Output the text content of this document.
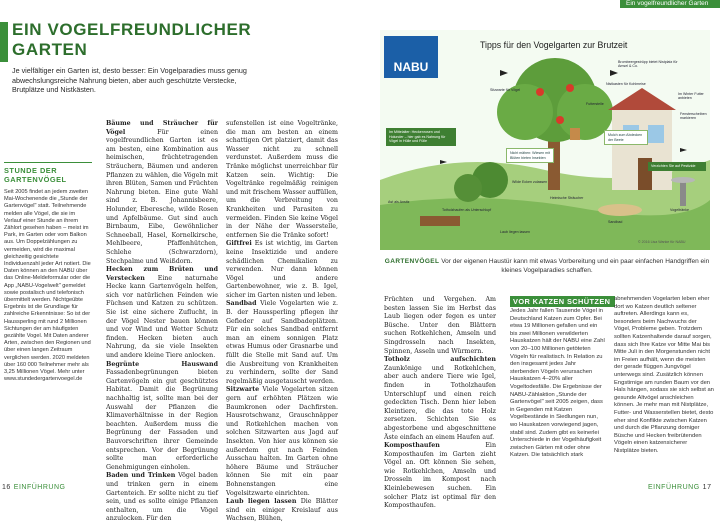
Ein vogelfreundlicher Garten
EIN VOGELFREUNDLICHER
GARTEN
Je vielfältiger ein Garten ist, desto besser: Ein Vogelparadies muss genug abwechslungsreiche Nahrung bieten, aber auch geschützte Verstecke, Brutplätze und Nistkästen.
STUNDE DER
GARTENVÖGEL
Seit 2005 findet an jedem zweiten Mai-Wochenende die „Stunde der Gartenvögel" statt. Teilnehmende melden alle Vögel, die sie im Verlauf einer Stunde an ihrem Zählort gesehen haben – meist im Park, im Garten oder vom Balkon aus. Um Doppelzählungen zu vermeiden, wird die maximal gleichzeitig gesichtete Individuenzahl jeder Art notiert. Die Daten können an den NABU über das Online-Meldeformular oder die App „NABU-Vogelwelt" gemeldet sowie postalisch und telefonisch übermittelt werden. Nichtgeübte Ergebnis ist die Grundlage für zahlreiche Erkenntnisse: So ist der Haussperling mit rund 2 Millionen Sichtungen der am häufigsten gezählte Vogel. Mit Daten anderer Arten, zwischen den Regionen und über einen langen Zeitraum verglichen werden. 2020 meldeten über 160 000 Teilnehmer mehr als 3,25 Millionen Vögel. Mehr unter www.stundedergartenvoegel.de

Bäume und Sträucher für Vögel Für einen vogelfreundlichen Garten ist es am besten, eine Kombination aus heimischen, früchtetragenden Sträuchern, Bäumen und anderen Pflanzen zu wählen, die Vögeln mit ihren Blüten, Samen und Früchten Nahrung bieten. Eine gute Wahl sind z. B. Johannisbeere, Holunder, Eberesche, wilde Rosen und Apfelbäume. Gut sind auch Birnbaum, Eibe, Gewöhnlicher Schneeball, Hasel, Kornelkirsche, Mehlbeere, Pfaffenhütchen, Schlehe (Schwarzdorn), Stechpalme und Weißdorn.

Hecken zum Brüten und Verstecken Eine naturnahe Hecke kann Gartenvögeln helfen, sich vor natürlichen Feinden wie Füchsen und Katzen zu schützen. Sie ist eine sichere Zuflucht, in der Vögel Nester bauen können und vor Wind und Wetter Schutz finden. Hecken bieten auch Nahrung, da sie viele Insekten und andere kleine Tiere anlocken.

Begrünte Hauswand Fassadenbegrünungen bieten Gartenvögeln ein gut geschütztes Habitat. Damit die Begrünung nachhaltig ist, sollte man bei der Auswahl der Pflanzen die Klimaverhältnisse in der Region beachten. Außerdem muss die Begrünung der Fassaden und Bauvorschriften ihrer Gemeinde entsprechen. Vor der Begrünung sollte man erforderliche Genehmigungen einholen.

Baden und Trinken Vögel baden und trinken gern in einem Gartenteich. Er sollte nicht zu tief sein, und es sollte einige Pflanzen enthalten, um die Vögel anzulocken. Für den

sufenstellen ist eine Vogeltränke, die man am besten an einem schattigen Ort platziert, damit das Wasser nicht zu schnell verdunstet. Außerdem muss die Tränke möglichst unerreichbar für Katzen sein. Wichtig: Die Vogeltränke regelmäßig reinigen und mit frischem Wasser auffüllen, um die Verbreitung von Krankheiten und Parasiten zu vermeiden. Finden Sie keine Vögel in der Nähe der Wasserstelle, entfernen Sie die Tränke sofort!

Giftfrei Es ist wichtig, im Garten keine Insektizide und andere schädlichen Chemikalien zu verwenden. Nur dann können Vögel und andere Gartenbewohner, wie z. B. Igel, sicher im Garten nisten und leben.

Sandbad Viele Vogelarten wie z. B. der Haussperling pflegen ihr Gefieder auf Sandbadeplätzen. Für ein solches Sandbad entfernt man an einem sonnigen Platz etwas Humus oder Grasnarbe und füllt die Stelle mit Sand auf. Um die Ausbreitung von Krankheiten zu verhindern, sollte der Sand regelmäßig ausgetauscht werden.

Sitzwarte Viele Vogelarten sitzen gern auf erhöhten Plätzen wie Baumkronen oder Dachfirsten. Hausrotschwanz, Grauschnäpper und Rotkehlchen machen von solchen Sitzwarten aus Jagd auf Insekten. Von hier aus können sie außerdem gut nach Feinden Ausschau halten. Im Garten ohne höhere Bäume und Sträucher können Sie mit ein paar Bohnenstangen eine Vogelsitzwarte einrichten.

Laub liegen lassen Die Blätter sind ein einiger Kreislauf aus Wachsen, Blühen,

NABU
Tipps für den Vogelgarten zur Brutzeit
Brombeergestrüpp bietet Nistplatz für Amsel & Co.
Nistkasten für Kohlmeise
Futterstelle
Fensterscheiben markieren
Im Winter Futter anbieten
Laub liegen lassen
Sitzwarte für Vögel
Ast als Ansitz
Sandbad
Totholzhaufen als Unterschlupf	Vogeltränke
Wilde Ecken zulassen
Heimische Sträucher
Im Mittelalter: Heckenrosen und Holunder – hier gab es Nahrung für Vögel in Hülle und Fülle
Nicht mähen: Wiesen mit Blüten bieten Insekten
Verzichten Sie auf Pestizide
Mulch zum Abdecken der Beete
© 2016 Lisa Wanke für NABU
GARTENVÖGEL Vor der eigenen Haustür kann mit etwas Vorbereitung und ein paar einfachen Handgriffen ein kleines Vogelparadies schaffen.

Früchten und Vergehen. Am besten lassen Sie im Herbst das Laub liegen oder fegen es unter Büsche. Unter den Blättern suchen Rotkehlchen, Amseln und Singdrosseln nach Insekten, Spinnen, Asseln und Würmern.

Totholz aufschichten Zaunkönige und Rotkehlchen, aber auch andere Tiere wie Igel, finden in Totholzhaufen Unterschlupf und einen reich gedeckten Tisch. Denn hier leben Kleintiere, die das tote Holz zersetzen. Schichten Sie es abgestorbene und abgeschnittene Äste einfach an einem Haufen auf.

Komposthaufen Ein Komposthaufen im Garten zieht Vögel an. Oft können Sie sehen, wie Rotkehlchen, Amseln und Drosseln im Kompost nach Kleinlebewesen suchen. Ein solcher Platz ist optimal für den Komposthaufen.

VOR KATZEN SCHÜTZEN
Jedes Jahr fallen Tausende Vögel in Deutschland Katzen zum Opfer. Bei etwa 19 Millionen gefallen und ein bis zwei Millionen verwilderten Hauskatzen hält der NABU eine Zahl von 20–100 Millionen getöteten Vögeln für realistisch. In Relation zu den insgesamt jedes Jahr sterbenden Vögeln verursachen Hauskatzen 4–20% aller Vogeltodesfälle. Die Ergebnisse der NABU-Zählaktion „Stunde der Gartenvögel" seit 2005 zeigen, dass in Gegenden mit Katzen Vogelbestände in Siedlungen nun, wo Hauskatzen vorwiegend jagen, stabil sind. Zudem gibt es keinerlei Unterschiede in der Vogelhäufigkeit zwischen Gärten mit oder ohne Katzen. Die tatsächlich stark
abnehmenden Vogelarten leben eher dort wo Katzen deutlich seltener auftreten. Allerdings kann es, besonders beim Nachwuchs der Vögel, Probleme geben. Trotzdem sollten Katzenhaltende darauf sorgen, dass sich Ihre Katze vor Mitte Mai bis Mitte Juli in den Morgenstunden nicht im Freien aufhält, wenn die meisten der gerade flüggen Jungvögel unterwegs sind. Zusätzlich können Engstirnige am runden Baum vor den Hals hängen, sodass sie sich selbst an gesunde Altvögel anschleichen können. Je mehr man mit Nistplätze, Futter- und Wasserstellen bietet, desto eher sind Konflikte zwischen Katzen und durch die Pflanzung dorniger Büsche und Hecken freibrütenden Vögeln einen katzensicherer Nistplätze bieten.
16 EINFÜHRUNG	EINFÜHRUNG 17
